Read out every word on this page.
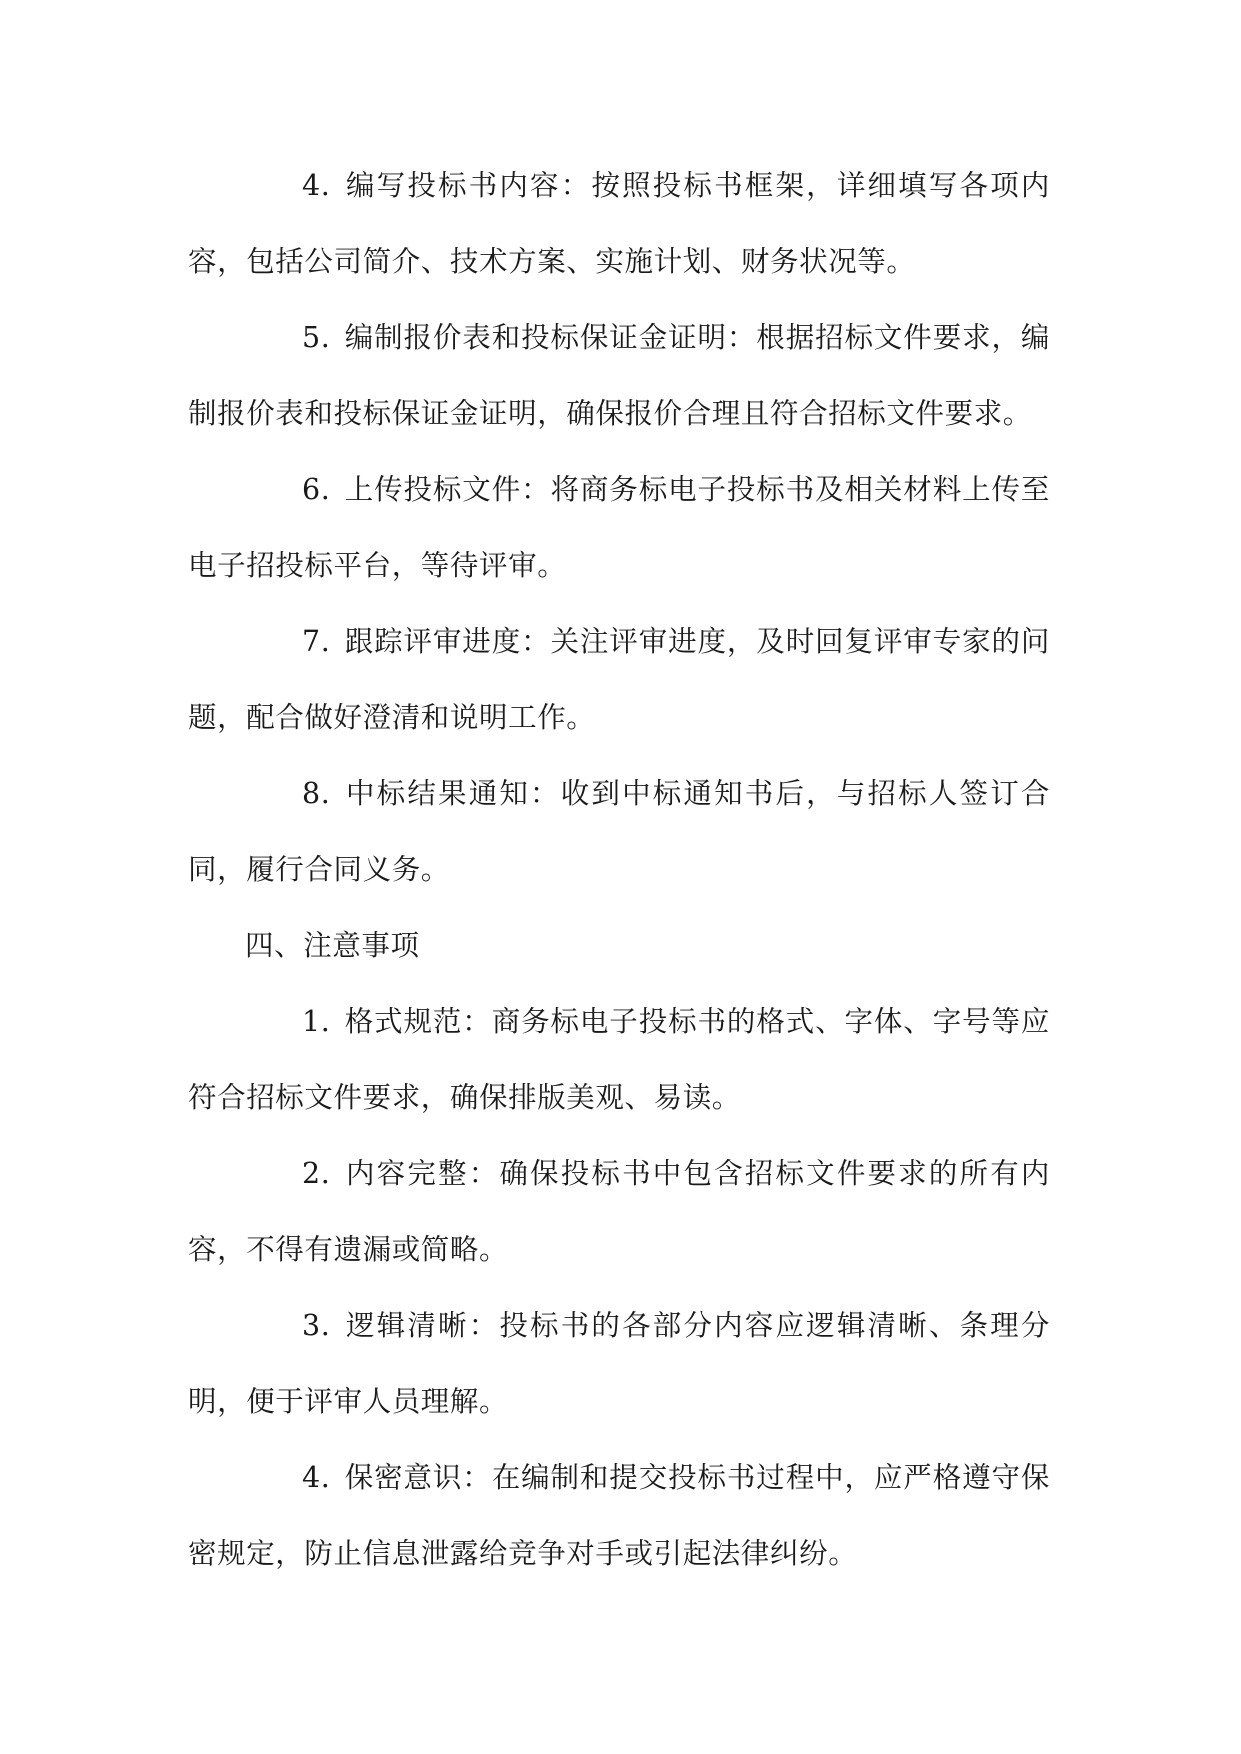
4. 编写投标书内容：按照投标书框架，详细填写各项内容，包括公司简介、技术方案、实施计划、财务状况等。

5. 编制报价表和投标保证金证明：根据招标文件要求，编制报价表和投标保证金证明，确保报价合理且符合招标文件要求。

6. 上传投标文件：将商务标电子投标书及相关材料上传至电子招投标平台，等待评审。

7. 跟踪评审进度：关注评审进度，及时回复评审专家的问题，配合做好澄清和说明工作。

8. 中标结果通知：收到中标通知书后，与招标人签订合同，履行合同义务。

四、注意事项

1. 格式规范：商务标电子投标书的格式、字体、字号等应符合招标文件要求，确保排版美观、易读。

2. 内容完整：确保投标书中包含招标文件要求的所有内容，不得有遗漏或简略。

3. 逻辑清晰：投标书的各部分内容应逻辑清晰、条理分明，便于评审人员理解。

4. 保密意识：在编制和提交投标书过程中，应严格遵守保密规定，防止信息泄露给竞争对手或引起法律纠纷。
